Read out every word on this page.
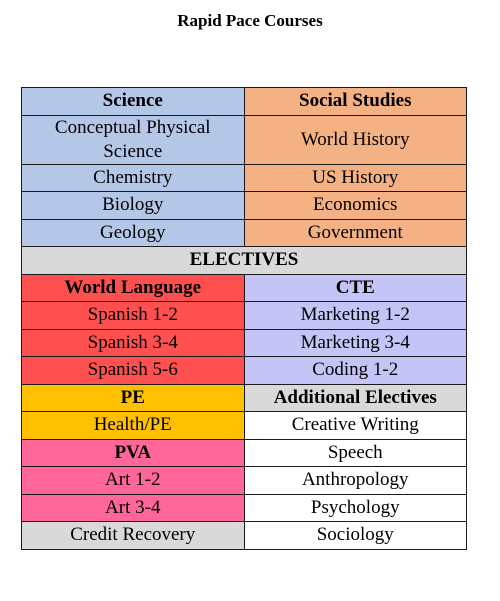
Rapid Pace Courses
Science	Social Studies
Conceptual Physical Science	World History
Chemistry	US History
Biology	Economics
Geology	Government
ELECTIVES	
World Language	CTE
Spanish 1-2	Marketing 1-2
Spanish 3-4	Marketing 3-4
Spanish 5-6	Coding 1-2
PE	Additional Electives
Health/PE	Creative Writing
PVA	Speech
Art 1-2	Anthropology
Art 3-4	Psychology
Credit Recovery	Sociology
